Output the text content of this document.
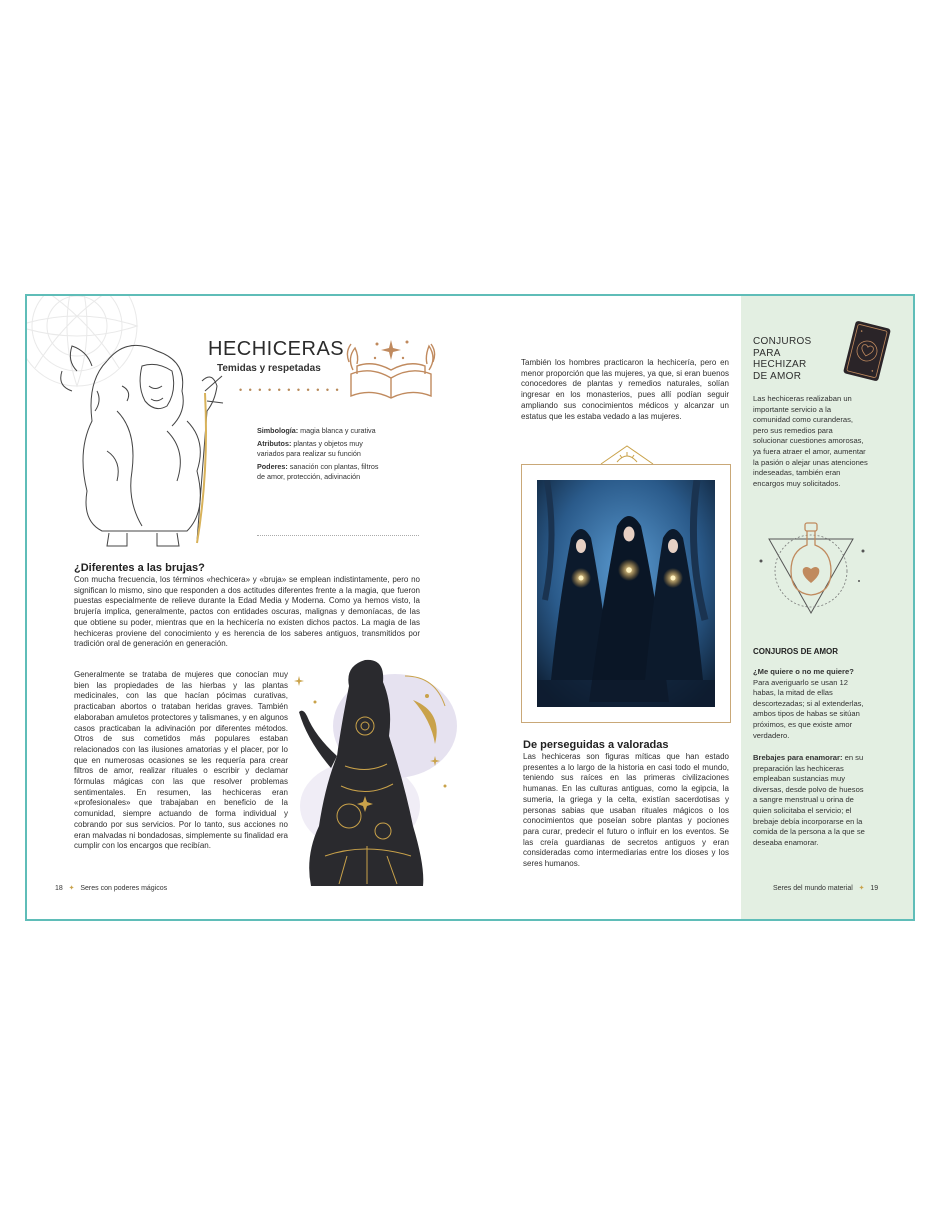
HECHICERAS
Temidas y respetadas
• • • • • • • • • • •

Simbología: magia blanca y curativa

Atributos: plantas y objetos muy variados para realizar su función

Poderes: sanación con plantas, filtros de amor, protección, adivinación

¿Diferentes a las brujas?

Con mucha frecuencia, los términos «hechicera» y «bruja» se emplean indistintamente, pero no significan lo mismo, sino que responden a dos actitudes diferentes frente a la magia, que fueron puestas especialmente de relieve durante la Edad Media y Moderna. Como ya hemos visto, la brujería implica, generalmente, pactos con entidades oscuras, malignas y demoníacas, de las que obtiene su poder, mientras que en la hechicería no existen dichos pactos. La magia de las hechiceras proviene del conocimiento y es herencia de los saberes antiguos, transmitidos por tradición oral de generación en generación.

Generalmente se trataba de mujeres que conocían muy bien las propiedades de las hierbas y las plantas medicinales, con las que hacían pócimas curativas, practicaban abortos o trataban heridas graves. También elaboraban amuletos protectores y talismanes, y en algunos casos practicaban la adivinación por diferentes métodos. Otros de sus cometidos más populares estaban relacionados con las ilusiones amatorias y el placer, por lo que en numerosas ocasiones se les requería para crear filtros de amor, realizar rituales o escribir y declamar fórmulas mágicas con las que resolver problemas sentimentales. En resumen, las hechiceras eran «profesionales» que trabajaban en beneficio de la comunidad, siempre actuando de forma individual y cobrando por sus servicios. Por lo tanto, sus acciones no eran malvadas ni bondadosas, simplemente su finalidad era cumplir con los encargos que recibían.

18 ✦ Seres con poderes mágicos

También los hombres practicaron la hechicería, pero en menor proporción que las mujeres, ya que, si eran buenos conocedores de plantas y remedios naturales, solían ingresar en los monasterios, pues allí podían seguir ampliando sus conocimientos médicos y alcanzar un estatus que les estaba vedado a las mujeres.

De perseguidas a valoradas

Las hechiceras son figuras míticas que han estado presentes a lo largo de la historia en casi todo el mundo, teniendo sus raíces en las primeras civilizaciones humanas. En las culturas antiguas, como la egipcia, la sumeria, la griega y la celta, existían sacerdotisas y personas sabias que usaban rituales mágicos o los conocimientos que poseían sobre plantas y pociones para curar, predecir el futuro o influir en los eventos. Se las creía guardianas de secretos antiguos y eran consideradas como intermediarias entre los dioses y los seres humanos.

CONJUROS
PARA
HECHIZAR
DE AMOR

Las hechiceras realizaban un importante servicio a la comunidad como curanderas, pero sus remedios para solucionar cuestiones amorosas, ya fuera atraer el amor, aumentar la pasión o alejar unas atenciones indeseadas, también eran encargos muy solicitados.

CONJUROS DE AMOR

¿Me quiere o no me quiere? Para averiguarlo se usan 12 habas, la mitad de ellas descortezadas; si al extenderlas, ambos tipos de habas se sitúan próximos, es que existe amor verdadero.

Brebajes para enamorar: en su preparación las hechiceras empleaban sustancias muy diversas, desde polvo de huesos a sangre menstrual u orina de quien solicitaba el servicio; el brebaje debía incorporarse en la comida de la persona a la que se deseaba enamorar.

Seres del mundo material ✦ 19
